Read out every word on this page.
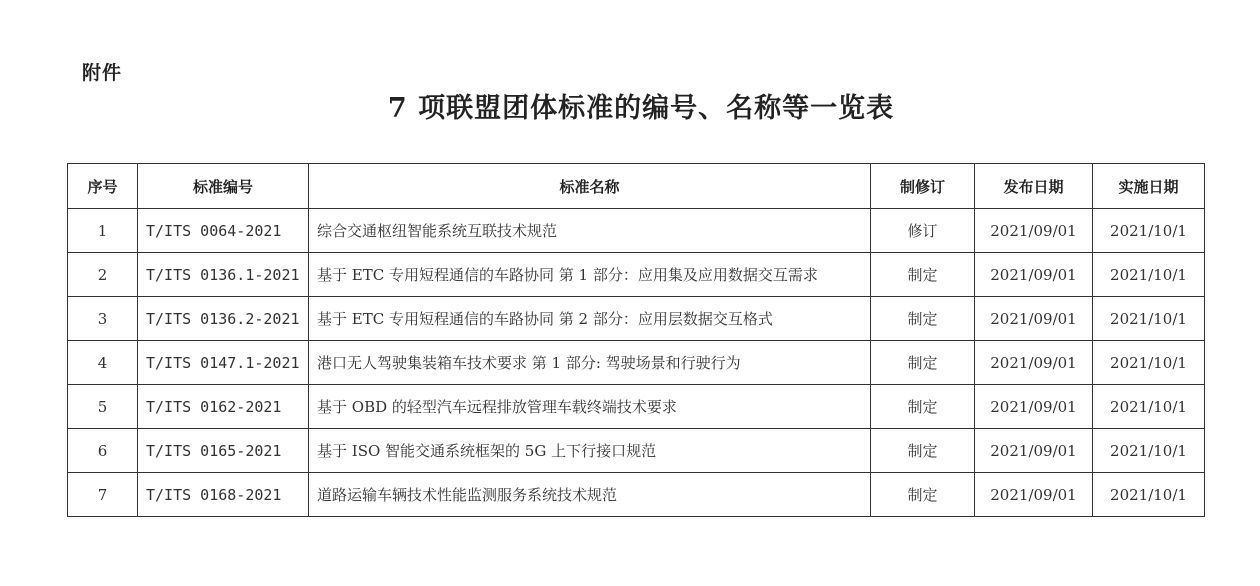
附件
7 项联盟团体标准的编号、名称等一览表
序号	标准编号	标准名称	制修订	发布日期	实施日期
1	T/ITS 0064-2021	综合交通枢纽智能系统互联技术规范	修订	2021/09/01	2021/10/1
2	T/ITS 0136.1-2021	基于 ETC 专用短程通信的车路协同 第 1 部分：应用集及应用数据交互需求	制定	2021/09/01	2021/10/1
3	T/ITS 0136.2-2021	基于 ETC 专用短程通信的车路协同 第 2 部分：应用层数据交互格式	制定	2021/09/01	2021/10/1
4	T/ITS 0147.1-2021	港口无人驾驶集装箱车技术要求 第 1 部分: 驾驶场景和行驶行为	制定	2021/09/01	2021/10/1
5	T/ITS 0162-2021	基于 OBD 的轻型汽车远程排放管理车载终端技术要求	制定	2021/09/01	2021/10/1
6	T/ITS 0165-2021	基于 ISO 智能交通系统框架的 5G 上下行接口规范	制定	2021/09/01	2021/10/1
7	T/ITS 0168-2021	道路运输车辆技术性能监测服务系统技术规范	制定	2021/09/01	2021/10/1
